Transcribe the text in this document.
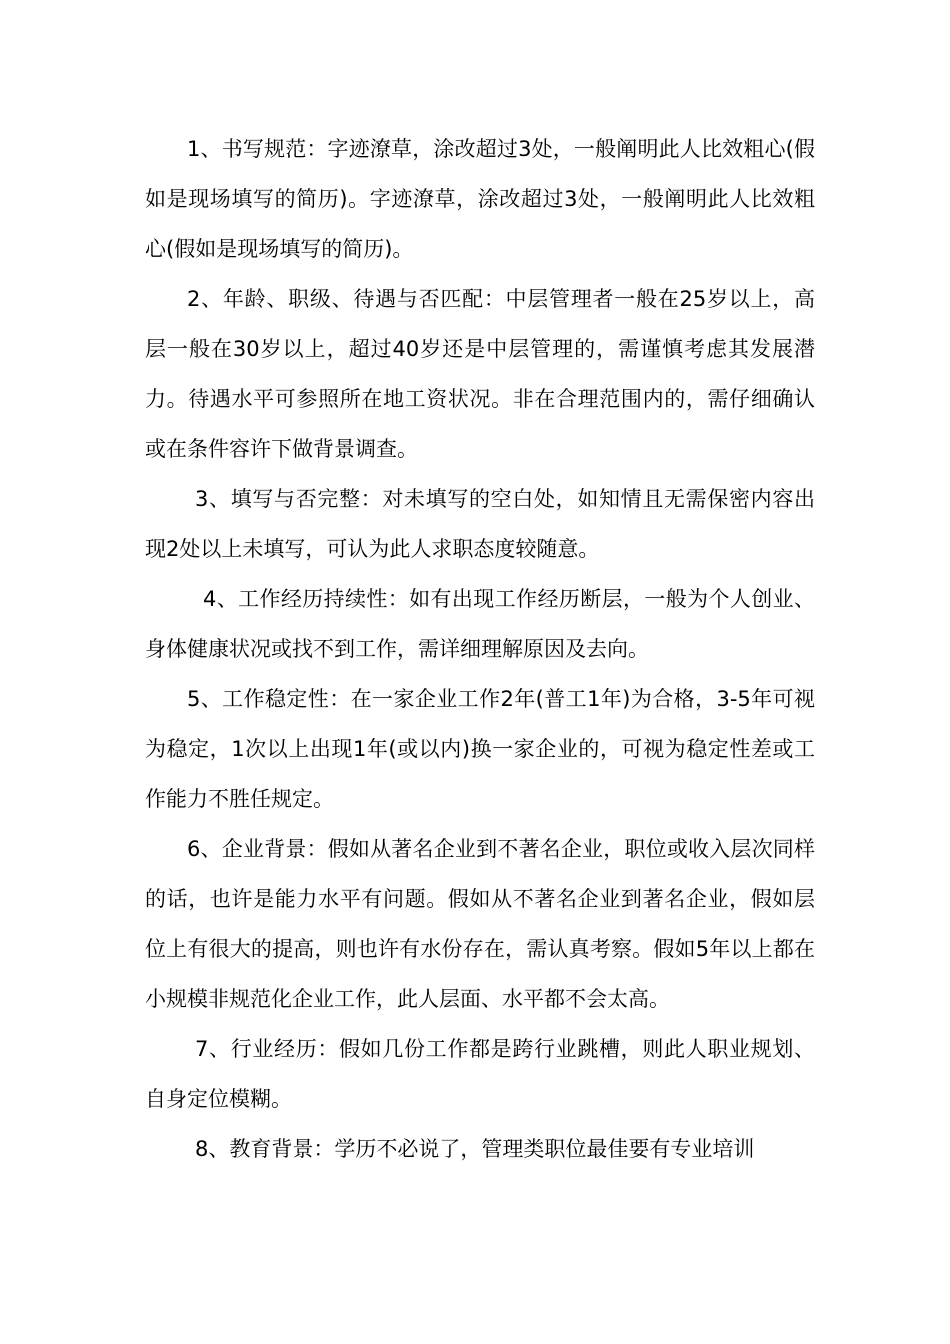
1、书写规范：字迹潦草，涂改超过3处，一般阐明此人比效粗心(假如是现场填写的简历)。字迹潦草，涂改超过3处，一般阐明此人比效粗心(假如是现场填写的简历)。

2、年龄、职级、待遇与否匹配：中层管理者一般在25岁以上，高层一般在30岁以上，超过40岁还是中层管理的，需谨慎考虑其发展潜力。待遇水平可参照所在地工资状况。非在合理范围内的，需仔细确认或在条件容许下做背景调查。

3、填写与否完整：对未填写的空白处，如知情且无需保密内容出现2处以上未填写，可认为此人求职态度较随意。

4、工作经历持续性：如有出现工作经历断层，一般为个人创业、身体健康状况或找不到工作，需详细理解原因及去向。

5、工作稳定性：在一家企业工作2年(普工1年)为合格，3-5年可视为稳定，1次以上出现1年(或以内)换一家企业的，可视为稳定性差或工作能力不胜任规定。

6、企业背景：假如从著名企业到不著名企业，职位或收入层次同样的话，也许是能力水平有问题。假如从不著名企业到著名企业，假如层位上有很大的提高，则也许有水份存在，需认真考察。假如5年以上都在小规模非规范化企业工作，此人层面、水平都不会太高。

7、行业经历：假如几份工作都是跨行业跳槽，则此人职业规划、自身定位模糊。

8、教育背景：学历不必说了，管理类职位最佳要有专业培训
